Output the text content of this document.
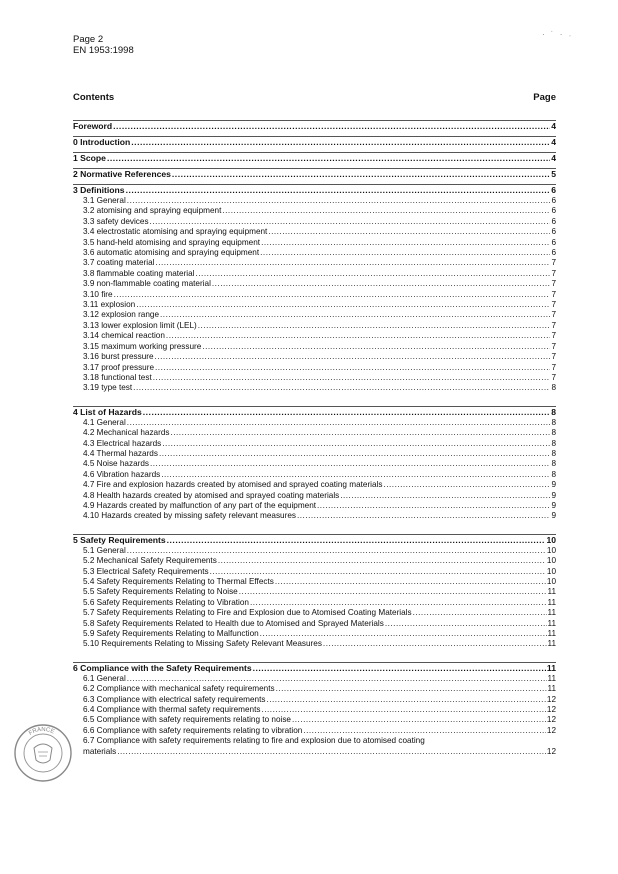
Page 2
EN 1953:1998
· ˙ · ˒
Contents	Page
Foreword .....	4
0 Introduction .....	4
1 Scope .....	4
2 Normative References .....	5
3 Definitions .....	6
3.1 General .....	6
3.2 atomising and spraying equipment .....	6
3.3 safety devices .....	6
3.4 electrostatic atomising and spraying equipment .....	6
3.5 hand-held atomising and spraying equipment .....	6
3.6 automatic atomising and spraying equipment .....	6
3.7 coating material .....	7
3.8 flammable coating material .....	7
3.9 non-flammable coating material .....	7
3.10 fire .....	7
3.11 explosion .....	7
3.12 explosion range .....	7
3.13 lower explosion limit (LEL) .....	7
3.14 chemical reaction .....	7
3.15 maximum working pressure .....	7
3.16 burst pressure .....	7
3.17 proof pressure .....	7
3.18 functional test .....	7
3.19 type test .....	8
4 List of Hazards .....	8
4.1 General .....	8
4.2 Mechanical hazards .....	8
4.3 Electrical hazards .....	8
4.4 Thermal hazards .....	8
4.5 Noise hazards .....	8
4.6 Vibration hazards .....	8
4.7 Fire and explosion hazards created by atomised and sprayed coating materials .....	9
4.8 Health hazards created by atomised and sprayed coating materials .....	9
4.9 Hazards created by malfunction of any part of the equipment .....	9
4.10 Hazards created by missing safety relevant measures .....	9
5 Safety Requirements .....	10
5.1 General .....	10
5.2 Mechanical Safety Requirements .....	10
5.3 Electrical Safety Requirements .....	10
5.4 Safety Requirements Relating to Thermal Effects .....	10
5.5 Safety Requirements Relating to Noise .....	11
5.6 Safety Requirements Relating to Vibration .....	11
5.7 Safety Requirements Relating to Fire and Explosion due to Atomised Coating Materials .....	11
5.8 Safety Requirements Related to Health due to Atomised and Sprayed Materials .....	11
5.9 Safety Requirements Relating to Malfunction .....	11
5.10 Requirements Relating to Missing Safety Relevant Measures .....	11
6 Compliance with the Safety Requirements .....	11
6.1 General .....	11
6.2 Compliance with mechanical safety requirements .....	11
6.3 Compliance with electrical safety requirements .....	12
6.4 Compliance with thermal safety requirements .....	12
6.5 Compliance with safety requirements relating to noise .....	12
6.6 Compliance with safety requirements relating to vibration .....	12
6.7 Compliance with safety requirements relating to fire and explosion due to atomised coating
materials .....	12
FRANCE
